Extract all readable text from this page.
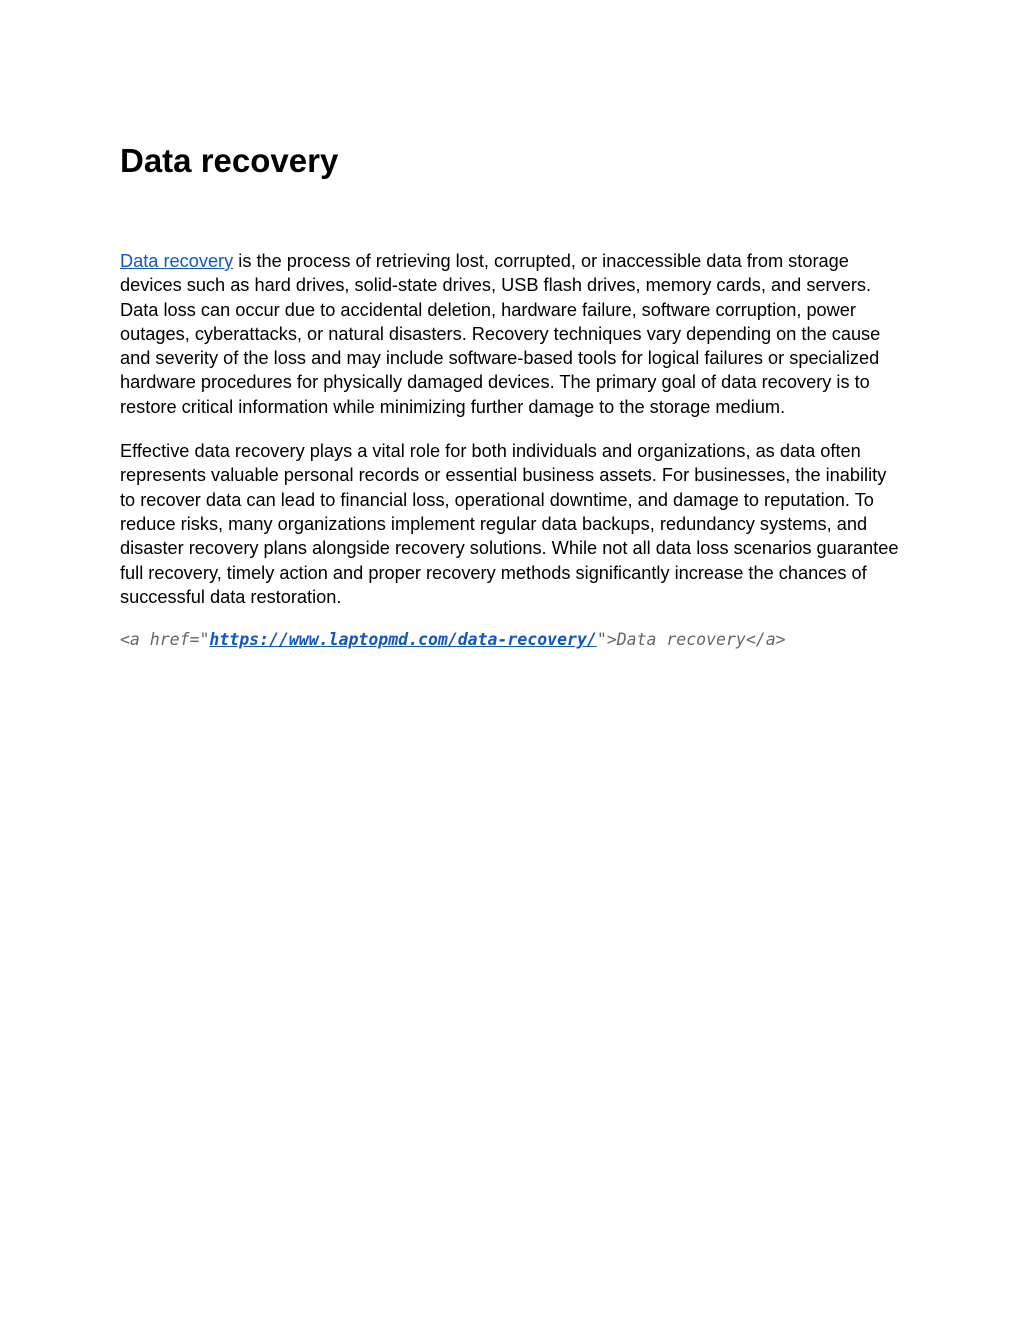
Data recovery

Data recovery is the process of retrieving lost, corrupted, or inaccessible data from storage devices such as hard drives, solid-state drives, USB flash drives, memory cards, and servers. Data loss can occur due to accidental deletion, hardware failure, software corruption, power outages, cyberattacks, or natural disasters. Recovery techniques vary depending on the cause and severity of the loss and may include software-based tools for logical failures or specialized hardware procedures for physically damaged devices. The primary goal of data recovery is to restore critical information while minimizing further damage to the storage medium.

Effective data recovery plays a vital role for both individuals and organizations, as data often represents valuable personal records or essential business assets. For businesses, the inability to recover data can lead to financial loss, operational downtime, and damage to reputation. To reduce risks, many organizations implement regular data backups, redundancy systems, and disaster recovery plans alongside recovery solutions. While not all data loss scenarios guarantee full recovery, timely action and proper recovery methods significantly increase the chances of successful data restoration.

<a href="https://www.laptopmd.com/data-recovery/">Data recovery</a>
